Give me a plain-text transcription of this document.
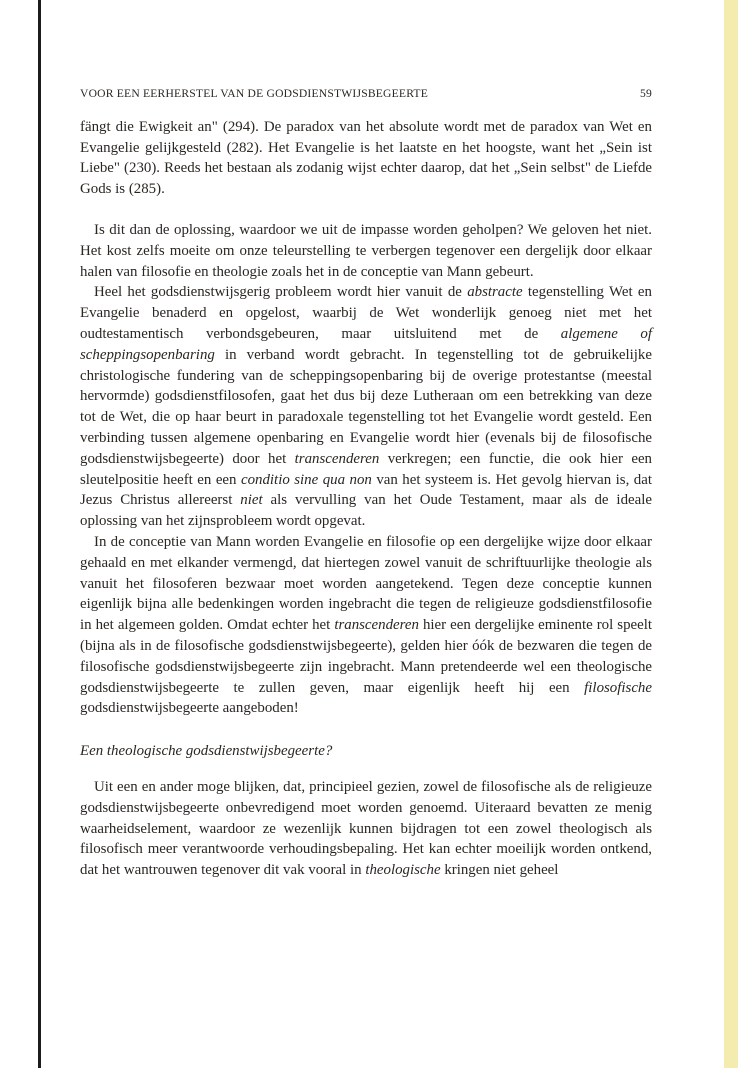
VOOR EEN EERHERSTEL VAN DE GODSDIENSTWIJSBEGEERTE	59

fängt die Ewigkeit an" (294). De paradox van het absolute wordt met de paradox van Wet en Evangelie gelijkgesteld (282). Het Evangelie is het laatste en het hoogste, want het „Sein ist Liebe" (230). Reeds het bestaan als zodanig wijst echter daarop, dat het „Sein selbst" de Liefde Gods is (285).

Is dit dan de oplossing, waardoor we uit de impasse worden geholpen? We geloven het niet. Het kost zelfs moeite om onze teleurstelling te verbergen tegenover een dergelijk door elkaar halen van filosofie en theologie zoals het in de conceptie van Mann gebeurt.

Heel het godsdienstwijsgerig probleem wordt hier vanuit de abstracte tegenstelling Wet en Evangelie benaderd en opgelost, waarbij de Wet wonderlijk genoeg niet met het oudtestamentisch verbondsgebeuren, maar uitsluitend met de algemene of scheppingsopenbaring in verband wordt gebracht. In tegenstelling tot de gebruikelijke christologische fundering van de scheppingsopenbaring bij de overige protestantse (meestal hervormde) godsdienstfilosofen, gaat het dus bij deze Lutheraan om een betrekking van deze tot de Wet, die op haar beurt in paradoxale tegenstelling tot het Evangelie wordt gesteld. Een verbinding tussen algemene openbaring en Evangelie wordt hier (evenals bij de filosofische godsdienstwijsbegeerte) door het transcenderen verkregen; een functie, die ook hier een sleutelpositie heeft en een conditio sine qua non van het systeem is. Het gevolg hiervan is, dat Jezus Christus allereerst niet als vervulling van het Oude Testament, maar als de ideale oplossing van het zijnsprobleem wordt opgevat.

In de conceptie van Mann worden Evangelie en filosofie op een dergelijke wijze door elkaar gehaald en met elkander vermengd, dat hiertegen zowel vanuit de schriftuurlijke theologie als vanuit het filosoferen bezwaar moet worden aangetekend. Tegen deze conceptie kunnen eigenlijk bijna alle bedenkingen worden ingebracht die tegen de religieuze godsdienstfilosofie in het algemeen golden. Omdat echter het transcenderen hier een dergelijke eminente rol speelt (bijna als in de filosofische godsdienstwijsbegeerte), gelden hier óók de bezwaren die tegen de filosofische godsdienstwijsbegeerte zijn ingebracht. Mann pretendeerde wel een theologische godsdienstwijsbegeerte te zullen geven, maar eigenlijk heeft hij een filosofische godsdienstwijsbegeerte aangeboden!

Een theologische godsdienstwijsbegeerte?

Uit een en ander moge blijken, dat, principieel gezien, zowel de filosofische als de religieuze godsdienstwijsbegeerte onbevredigend moet worden genoemd. Uiteraard bevatten ze menig waarheidselement, waardoor ze wezenlijk kunnen bijdragen tot een zowel theologisch als filosofisch meer verantwoorde verhoudingsbepaling. Het kan echter moeilijk worden ontkend, dat het wantrouwen tegenover dit vak vooral in theologische kringen niet geheel
